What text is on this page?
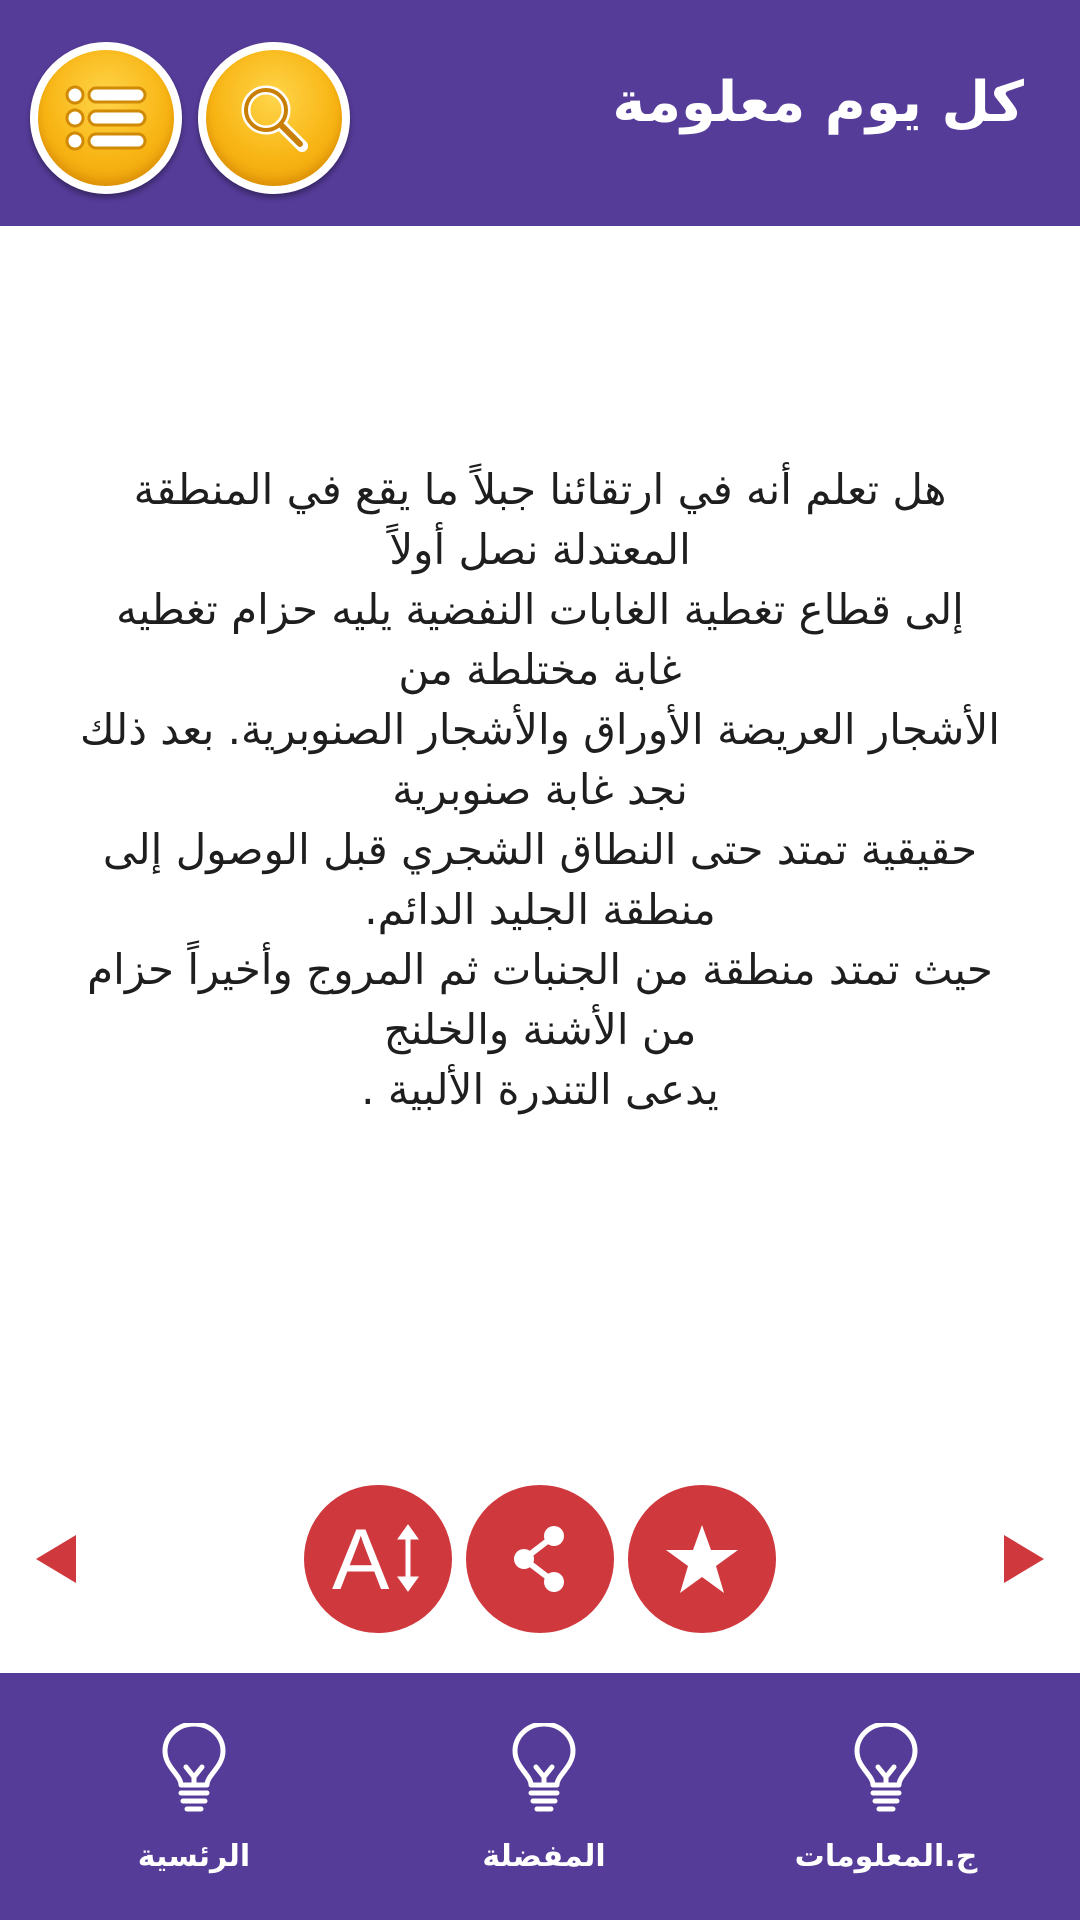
كل يوم معلومة
هل تعلم أنه في ارتقائنا جبلاً ما يقع في المنطقة
المعتدلة نصل أولاً
إلى قطاع تغطية الغابات النفضية يليه حزام تغطيه
غابة مختلطة من
الأشجار العريضة الأوراق والأشجار الصنوبرية. بعد ذلك
نجد غابة صنوبرية
حقيقية تمتد حتى النطاق الشجري قبل الوصول إلى
منطقة الجليد الدائم.
حيث تمتد منطقة من الجنبات ثم المروج وأخيراً حزام
من الأشنة والخلنج
يدعى التندرة الألبية .
A
الرئسية	المفضلة	ج.المعلومات
